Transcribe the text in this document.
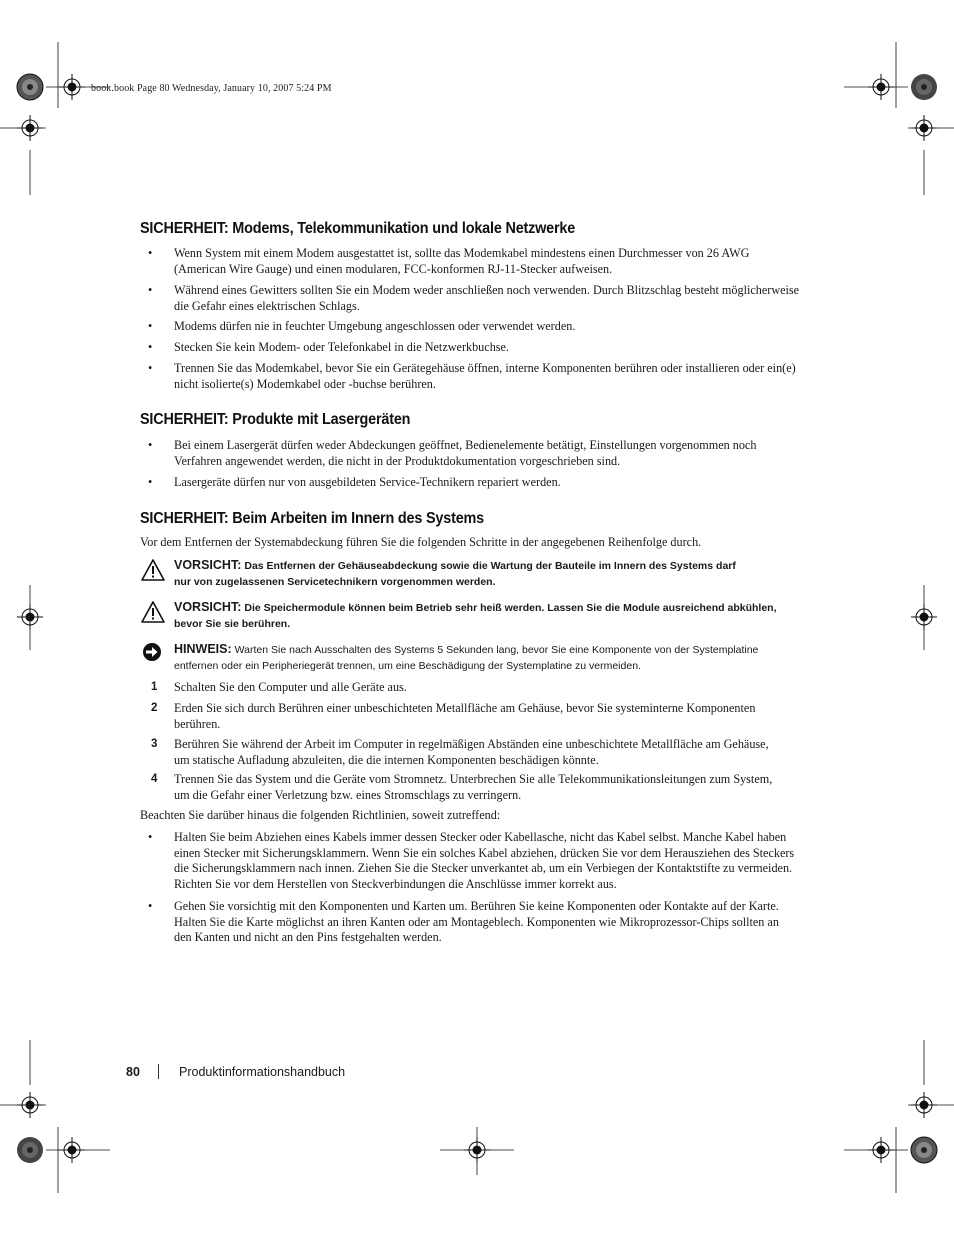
book.book Page 80 Wednesday, January 10, 2007 5:24 PM
SICHERHEIT: Modems, Telekommunikation und lokale Netzwerke
• Wenn System mit einem Modem ausgestattet ist, sollte das Modemkabel mindestens einen Durchmesser von 26 AWG
(American Wire Gauge) und einen modularen, FCC-konformen RJ-11-Stecker aufweisen.
• Während eines Gewitters sollten Sie ein Modem weder anschließen noch verwenden. Durch Blitzschlag besteht möglicherweise
die Gefahr eines elektrischen Schlags.
• Modems dürfen nie in feuchter Umgebung angeschlossen oder verwendet werden.
• Stecken Sie kein Modem- oder Telefonkabel in die Netzwerkbuchse.
• Trennen Sie das Modemkabel, bevor Sie ein Gerätegehäuse öffnen, interne Komponenten berühren oder installieren oder ein(e)
nicht isolierte(s) Modemkabel oder -buchse berühren.
SICHERHEIT: Produkte mit Lasergeräten
• Bei einem Lasergerät dürfen weder Abdeckungen geöffnet, Bedienelemente betätigt, Einstellungen vorgenommen noch
Verfahren angewendet werden, die nicht in der Produktdokumentation vorgeschrieben sind.
• Lasergeräte dürfen nur von ausgebildeten Service-Technikern repariert werden.
SICHERHEIT: Beim Arbeiten im Innern des Systems
Vor dem Entfernen der Systemabdeckung führen Sie die folgenden Schritte in der angegebenen Reihenfolge durch.
VORSICHT: Das Entfernen der Gehäuseabdeckung sowie die Wartung der Bauteile im Innern des Systems darf
nur von zugelassenen Servicetechnikern vorgenommen werden.
VORSICHT: Die Speichermodule können beim Betrieb sehr heiß werden. Lassen Sie die Module ausreichend abkühlen,
bevor Sie sie berühren.
HINWEIS: Warten Sie nach Ausschalten des Systems 5 Sekunden lang, bevor Sie eine Komponente von der Systemplatine
entfernen oder ein Peripheriegerät trennen, um eine Beschädigung der Systemplatine zu vermeiden.
1 Schalten Sie den Computer und alle Geräte aus.
2 Erden Sie sich durch Berühren einer unbeschichteten Metallfläche am Gehäuse, bevor Sie systeminterne Komponenten
berühren.
3 Berühren Sie während der Arbeit im Computer in regelmäßigen Abständen eine unbeschichtete Metallfläche am Gehäuse,
um statische Aufladung abzuleiten, die die internen Komponenten beschädigen könnte.
4 Trennen Sie das System und die Geräte vom Stromnetz. Unterbrechen Sie alle Telekommunikationsleitungen zum System,
um die Gefahr einer Verletzung bzw. eines Stromschlags zu verringern.
Beachten Sie darüber hinaus die folgenden Richtlinien, soweit zutreffend:
• Halten Sie beim Abziehen eines Kabels immer dessen Stecker oder Kabellasche, nicht das Kabel selbst. Manche Kabel haben
einen Stecker mit Sicherungsklammern. Wenn Sie ein solches Kabel abziehen, drücken Sie vor dem Herausziehen des Steckers
die Sicherungsklammern nach innen. Ziehen Sie die Stecker unverkantet ab, um ein Verbiegen der Kontaktstifte zu vermeiden.
Richten Sie vor dem Herstellen von Steckverbindungen die Anschlüsse immer korrekt aus.
• Gehen Sie vorsichtig mit den Komponenten und Karten um. Berühren Sie keine Komponenten oder Kontakte auf der Karte.
Halten Sie die Karte möglichst an ihren Kanten oder am Montageblech. Komponenten wie Mikroprozessor-Chips sollten an
den Kanten und nicht an den Pins festgehalten werden.
80	Produktinformationshandbuch
